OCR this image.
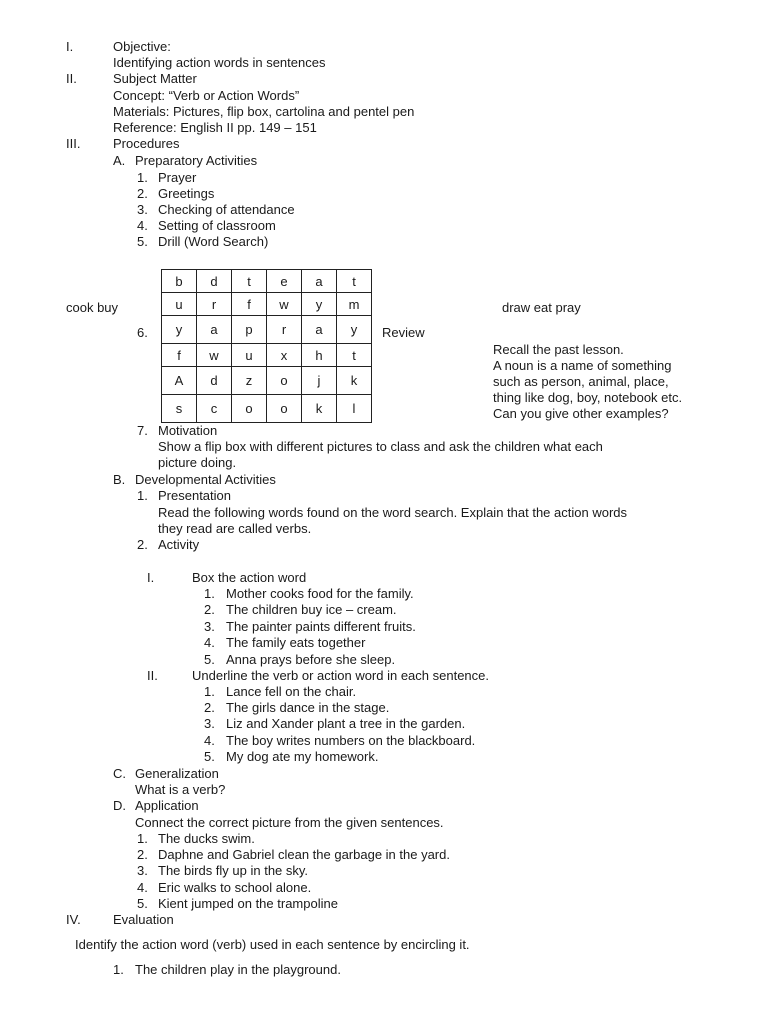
I.	Objective:
Identifying action words in sentences
II.	Subject Matter
Concept: “Verb or Action Words”
Materials: Pictures, flip box, cartolina and pentel pen
Reference: English II pp. 149 – 151
III.	Procedures
A. Preparatory Activities
1. Prayer
2. Greetings
3. Checking of attendance
4. Setting of classroom
5. Drill (Word Search)
b	d	t	e	a	t
u	r	f	w	y	m
y	a	p	r	a	y
f	w	u	x	h	t
A	d	z	o	j	k
s	c	o	o	k	l
cook buy	draw eat pray
6.	Review
Recall the past lesson.
A noun is a name of something
such as person, animal, place,
thing like dog, boy, notebook etc.
Can you give other examples?
7. Motivation
Show a flip box with different pictures to class and ask the children what each
picture doing.
B. Developmental Activities
1. Presentation
Read the following words found on the word search. Explain that the action words
they read are called verbs.
2. Activity
I.	Box the action word
1. Mother cooks food for the family.
2. The children buy ice – cream.
3. The painter paints different fruits.
4. The family eats together
5. Anna prays before she sleep.
II.	Underline the verb or action word in each sentence.
1. Lance fell on the chair.
2. The girls dance in the stage.
3. Liz and Xander plant a tree in the garden.
4. The boy writes numbers on the blackboard.
5. My dog ate my homework.
C. Generalization
What is a verb?
D. Application
Connect the correct picture from the given sentences.
1. The ducks swim.
2. Daphne and Gabriel clean the garbage in the yard.
3. The birds fly up in the sky.
4. Eric walks to school alone.
5. Kient jumped on the trampoline
IV. Evaluation
Identify the action word (verb) used in each sentence by encircling it.
1. The children play in the playground.
